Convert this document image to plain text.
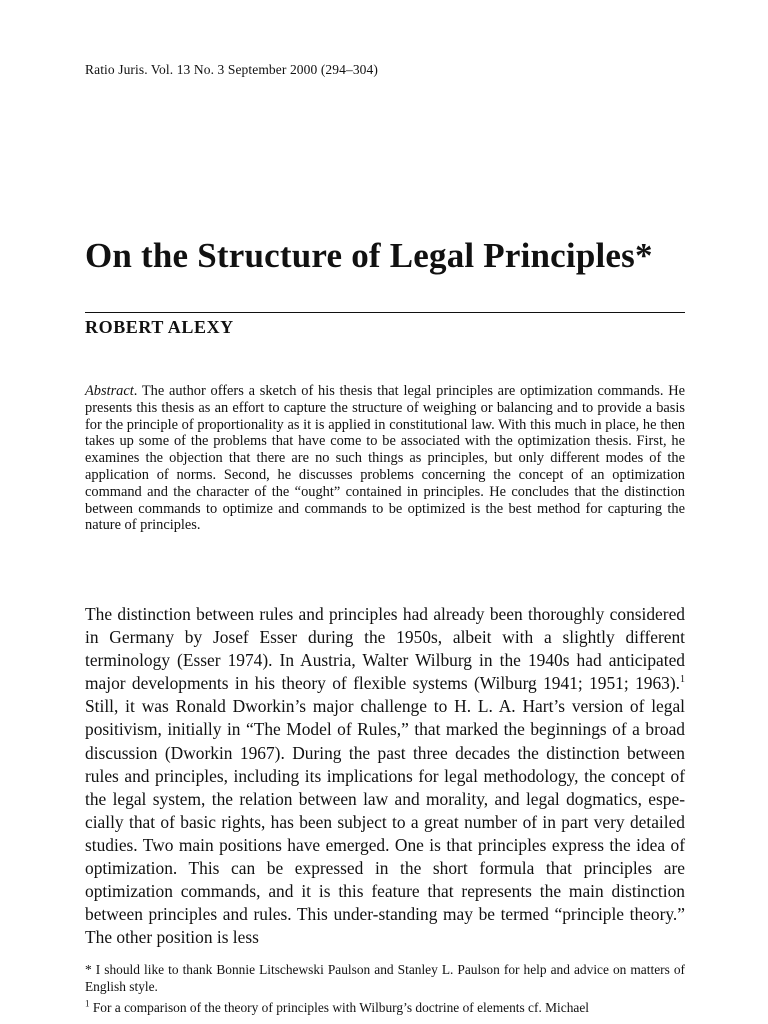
Ratio Juris. Vol. 13 No. 3 September 2000 (294–304)
On the Structure of Legal Principles*
ROBERT ALEXY

Abstract. The author offers a sketch of his thesis that legal principles are optimization commands. He presents this thesis as an effort to capture the structure of weighing or balancing and to provide a basis for the principle of proportionality as it is applied in constitutional law. With this much in place, he then takes up some of the problems that have come to be associated with the optimization thesis. First, he examines the objection that there are no such things as principles, but only different modes of the application of norms. Second, he discusses problems concerning the concept of an optimization command and the character of the “ought” contained in principles. He concludes that the distinction between commands to optimize and commands to be optimized is the best method for capturing the nature of principles.

The distinction between rules and principles had already been thoroughly considered in Germany by Josef Esser during the 1950s, albeit with a slightly different terminology (Esser 1974). In Austria, Walter Wilburg in the 1940s had anticipated major developments in his theory of flexible systems (Wilburg 1941; 1951; 1963).$^1$ Still, it was Ronald Dworkin’s major challenge to H. L. A. Hart’s version of legal positivism, initially in “The Model of Rules,” that marked the beginnings of a broad discussion (Dworkin 1967). During the past three decades the distinction between rules and principles, including its implications for legal methodology, the concept of the legal system, the relation between law and morality, and legal dogmatics, espe-cially that of basic rights, has been subject to a great number of in part very detailed studies. Two main positions have emerged. One is that principles express the idea of optimization. This can be expressed in the short formula that principles are optimization commands, and it is this feature that represents the main distinction between principles and rules. This under-standing may be termed “principle theory.” The other position is less

* I should like to thank Bonnie Litschewski Paulson and Stanley L. Paulson for help and advice on matters of English style.

$^1$ For a comparison of the theory of principles with Wilburg’s doctrine of elements cf. Michael
